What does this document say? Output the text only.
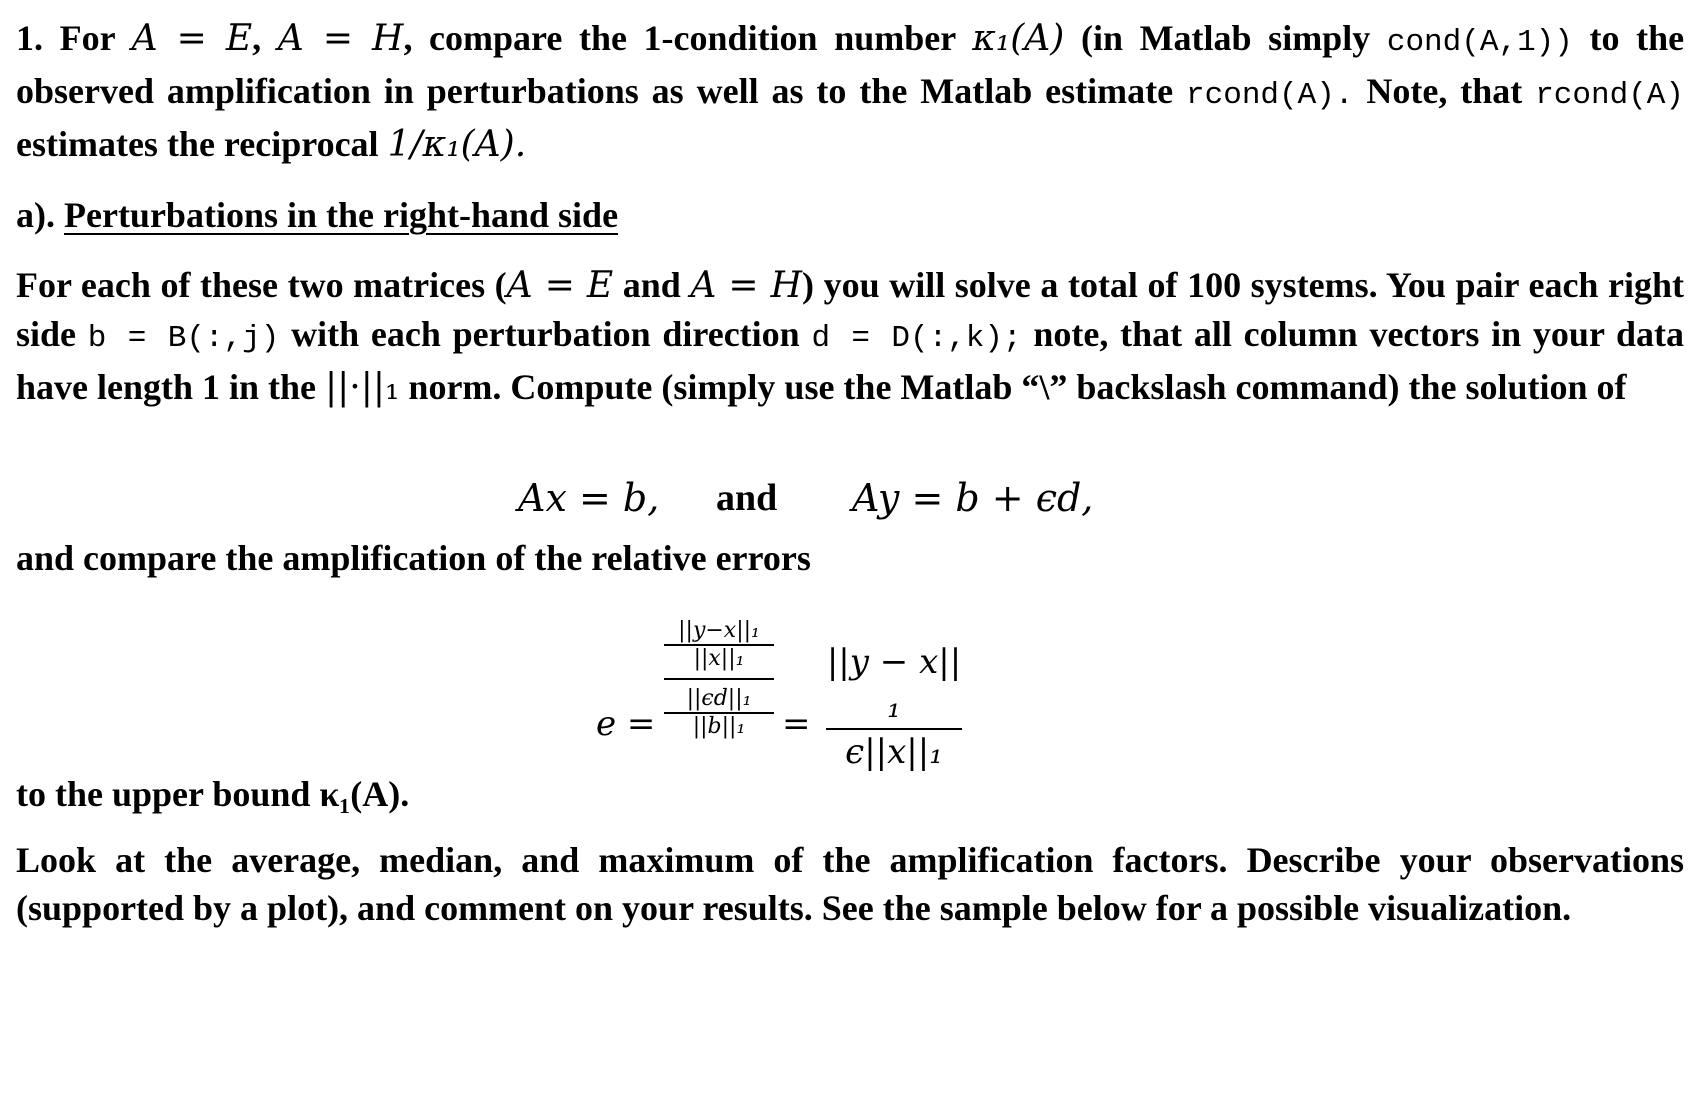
1. For A = E, A = H, compare the 1-condition number κ₁(A) (in Matlab simply cond(A,1)) to the observed amplification in perturbations as well as to the Matlab estimate rcond(A). Note, that rcond(A) estimates the reciprocal 1/κ₁(A).

a). Perturbations in the right-hand side

For each of these two matrices (A = E and A = H) you will solve a total of 100 systems. You pair each right side b = B(:,j) with each perturbation direction d = D(:,k); note, that all column vectors in your data have length 1 in the ||·||₁ norm. Compute (simply use the Matlab “\” backslash command) the solution of

Ax = b, and Ay = b + ϵd,
and compare the amplification of the relative errors
e =
||y−x||₁
||x||₁
||ϵd||₁
||b||₁	= $\frac{\text{||y − x||₁}}{\text{ϵ||x||₁}}$
to the upper bound κ₁(A).

Look at the average, median, and maximum of the amplification factors. Describe your observations (supported by a plot), and comment on your results. See the sample below for a possible visualization.
